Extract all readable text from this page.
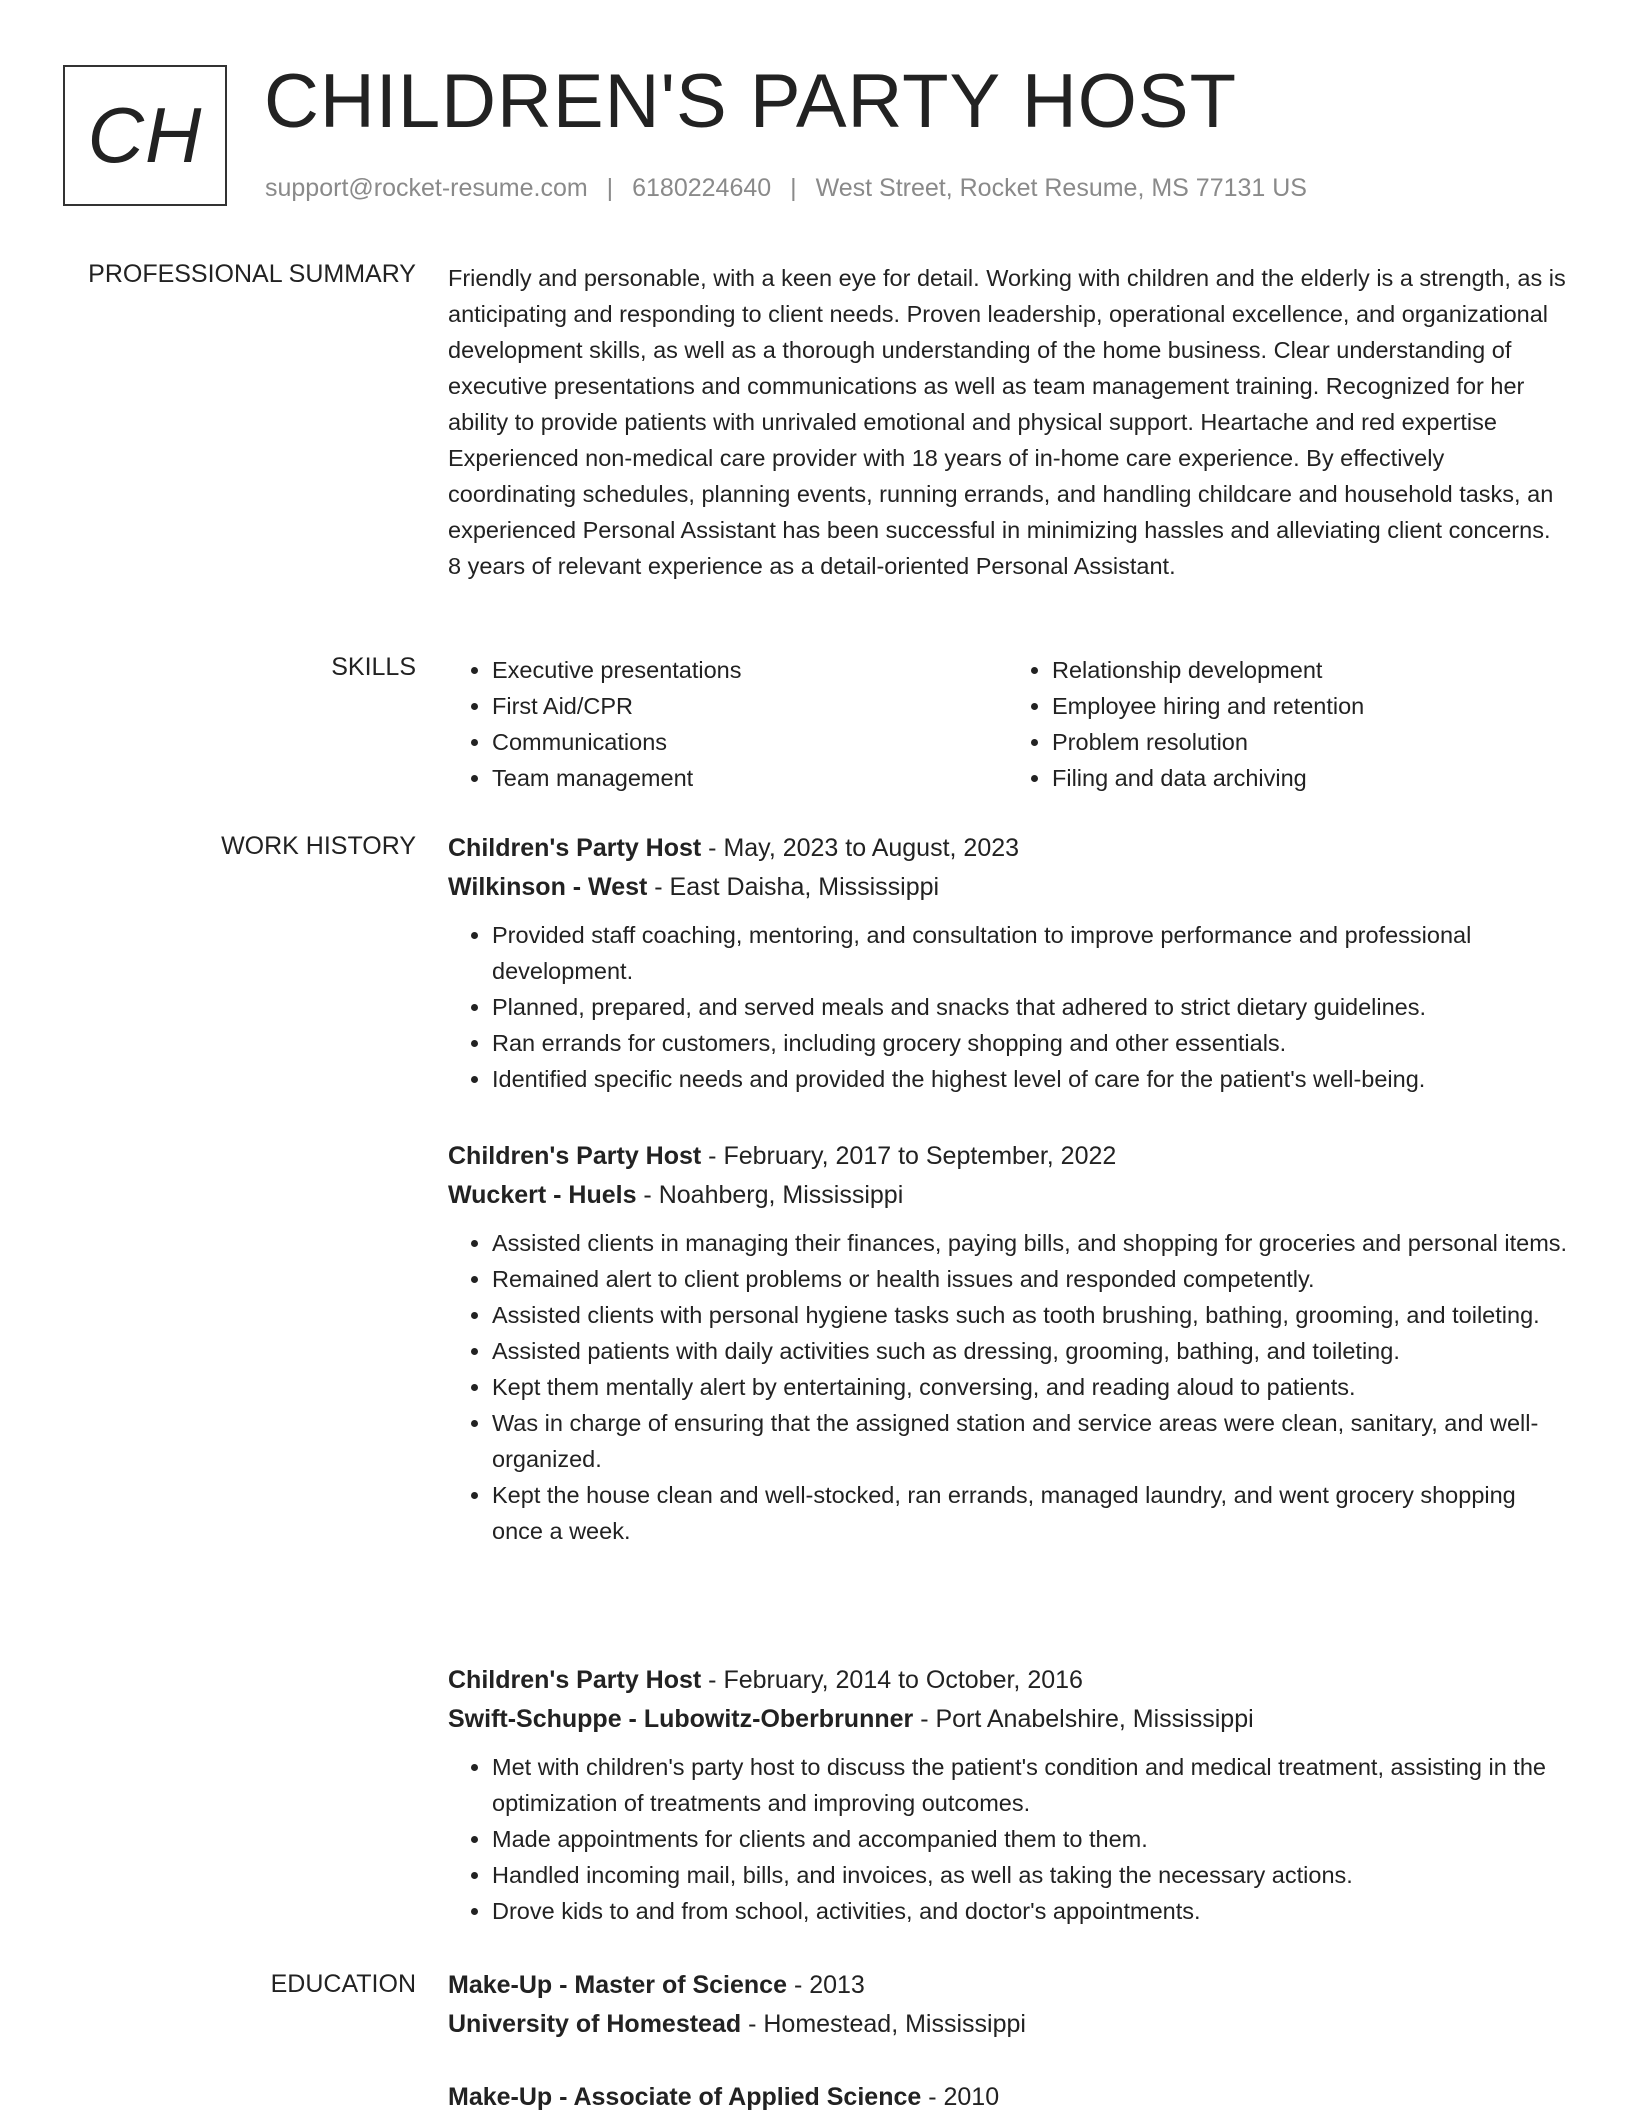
CH CHILDREN'S PARTY HOST
support@rocket-resume.com | 6180224640 | West Street, Rocket Resume, MS 77131 US
PROFESSIONAL SUMMARY Friendly and personable, with a keen eye for detail. Working with children and the elderly is a strength, as is anticipating and responding to client needs. Proven leadership, operational excellence, and organizational development skills, as well as a thorough understanding of the home business. Clear understanding of executive presentations and communications as well as team management training. Recognized for her ability to provide patients with unrivaled emotional and physical support. Heartache and red expertise Experienced non-medical care provider with 18 years of in-home care experience. By effectively coordinating schedules, planning events, running errands, and handling childcare and household tasks, an experienced Personal Assistant has been successful in minimizing hassles and alleviating client concerns. 8 years of relevant experience as a detail-oriented Personal Assistant.
SKILLS
•	Executive presentations
• First Aid/CPR
• Communications
• Team management
• Relationship development
• Employee hiring and retention
• Problem resolution
• Filing and data archiving
WORK HISTORY Children's Party Host - May, 2023 to August, 2023
Wilkinson - West - East Daisha, Mississippi
• Provided staff coaching, mentoring, and consultation to improve performance and professional development.
• Planned, prepared, and served meals and snacks that adhered to strict dietary guidelines.
• Ran errands for customers, including grocery shopping and other essentials.
• Identified specific needs and provided the highest level of care for the patient's well-being.
Children's Party Host - February, 2017 to September, 2022
Wuckert - Huels - Noahberg, Mississippi
• Assisted clients in managing their finances, paying bills, and shopping for groceries and personal items.
• Remained alert to client problems or health issues and responded competently.
• Assisted clients with personal hygiene tasks such as tooth brushing, bathing, grooming, and toileting.
• Assisted patients with daily activities such as dressing, grooming, bathing, and toileting.
• Kept them mentally alert by entertaining, conversing, and reading aloud to patients.
• Was in charge of ensuring that the assigned station and service areas were clean, sanitary, and well-organized.
• Kept the house clean and well-stocked, ran errands, managed laundry, and went grocery shopping once a week.
Children's Party Host - February, 2014 to October, 2016
Swift-Schuppe - Lubowitz-Oberbrunner - Port Anabelshire, Mississippi
• Met with children's party host to discuss the patient's condition and medical treatment, assisting in the optimization of treatments and improving outcomes.
• Made appointments for clients and accompanied them to them.
• Handled incoming mail, bills, and invoices, as well as taking the necessary actions.
• Drove kids to and from school, activities, and doctor's appointments.
EDUCATION Make-Up - Master of Science - 2013
University of Homestead - Homestead, Mississippi
Make-Up - Associate of Applied Science - 2010
